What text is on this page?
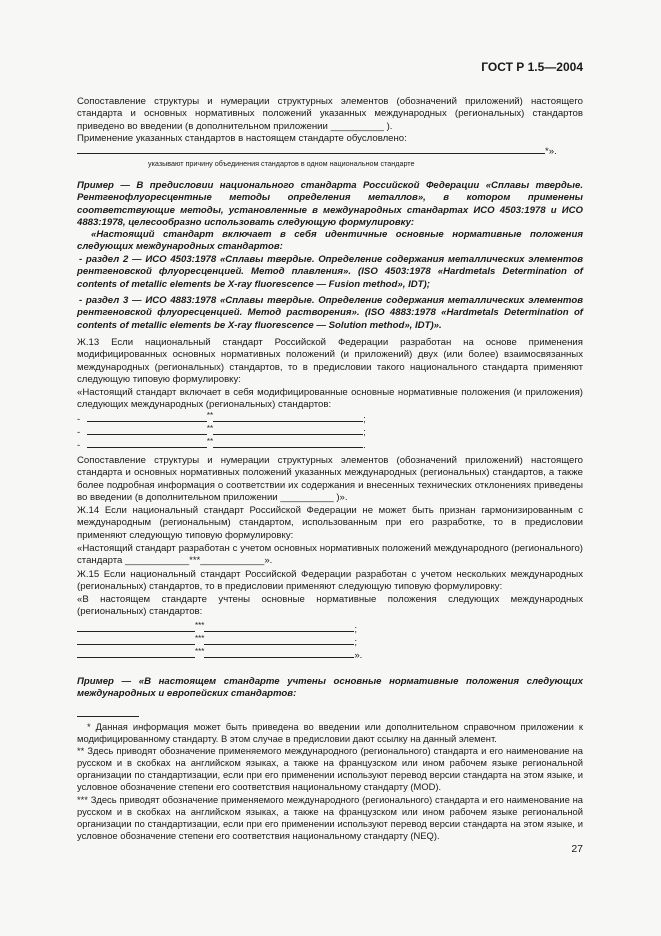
ГОСТ Р 1.5—2004
Сопоставление структуры и нумерации структурных элементов (обозначений приложений) настоящего стандарта и основных нормативных положений указанных международных (региональных) стандартов приведено во введении (в дополнительном приложении __________ ).
Применение указанных стандартов в настоящем стандарте обусловлено:
*».
указывают причину объединения стандартов в одном национальном стандарте
Пример — В предисловии национального стандарта Российской Федерации «Сплавы твердые. Рентгенофлуоресцентные методы определения металлов», в котором применены соответствующие методы, установленные в международных стандартах ИСО 4503:1978 и ИСО 4883:1978, целесообразно использовать следующую формулировку:
«Настоящий стандарт включает в себя идентичные основные нормативные положения следующих международных стандартов:
- раздел 2 — ИСО 4503:1978 «Сплавы твердые. Определение содержания металлических элементов рентгеновской флуоресценцией. Метод плавления». (ISO 4503:1978 «Hardmetals Determination of contents of metallic elements be X-ray fluorescence — Fusion method», IDT);
- раздел 3 — ИСО 4883:1978 «Сплавы твердые. Определение содержания металлических элементов рентгеновской флуоресценцией. Метод растворения». (ISO 4883:1978 «Hardmetals Determination of contents of metallic elements be X-ray fluorescence — Solution method», IDT)».
Ж.13 Если национальный стандарт Российской Федерации разработан на основе применения модифицированных основных нормативных положений (и приложений) двух (или более) взаимосвязанных международных (региональных) стандартов, то в предисловии такого национального стандарта применяют следующую типовую формулировку:
«Настоящий стандарт включает в себя модифицированные основные нормативные положения (и приложения) следующих международных (региональных) стандартов:
-	**	;
-	**	;
-	**	.
Сопоставление структуры и нумерации структурных элементов (обозначений приложений) настоящего стандарта и основных нормативных положений указанных международных (региональных) стандартов, а также более подробная информация о соответствии их содержания и внесенных технических отклонениях приведены во введении (в дополнительном приложении __________ )».
Ж.14 Если национальный стандарт Российской Федерации не может быть признан гармонизированным с международным (региональным) стандартом, использованным при его разработке, то в предисловии применяют следующую типовую формулировку:
«Настоящий стандарт разработан с учетом основных нормативных положений международного (регионального) стандарта ____________***____________».
Ж.15 Если национальный стандарт Российской Федерации разработан с учетом нескольких международных (региональных) стандартов, то в предисловии применяют следующую типовую формулировку:
«В настоящем стандарте учтены основные нормативные положения следующих международных (региональных) стандартов:
***	;
***	;
***	».
Пример — «В настоящем стандарте учтены основные нормативные положения следующих международных и европейских стандартов:
* Данная информация может быть приведена во введении или дополнительном справочном приложении к модифицированному стандарту. В этом случае в предисловии дают ссылку на данный элемент.
** Здесь приводят обозначение применяемого международного (регионального) стандарта и его наименование на русском и в скобках на английском языках, а также на французском или ином рабочем языке региональной организации по стандартизации, если при его применении используют перевод версии стандарта на этом языке, и условное обозначение степени его соответствия национальному стандарту (MOD).
*** Здесь приводят обозначение применяемого международного (регионального) стандарта и его наименование на русском и в скобках на английском языках, а также на французском или ином рабочем языке региональной организации по стандартизации, если при его применении используют перевод версии стандарта на этом языке, и условное обозначение степени его соответствия национальному стандарту (NEQ).
27
